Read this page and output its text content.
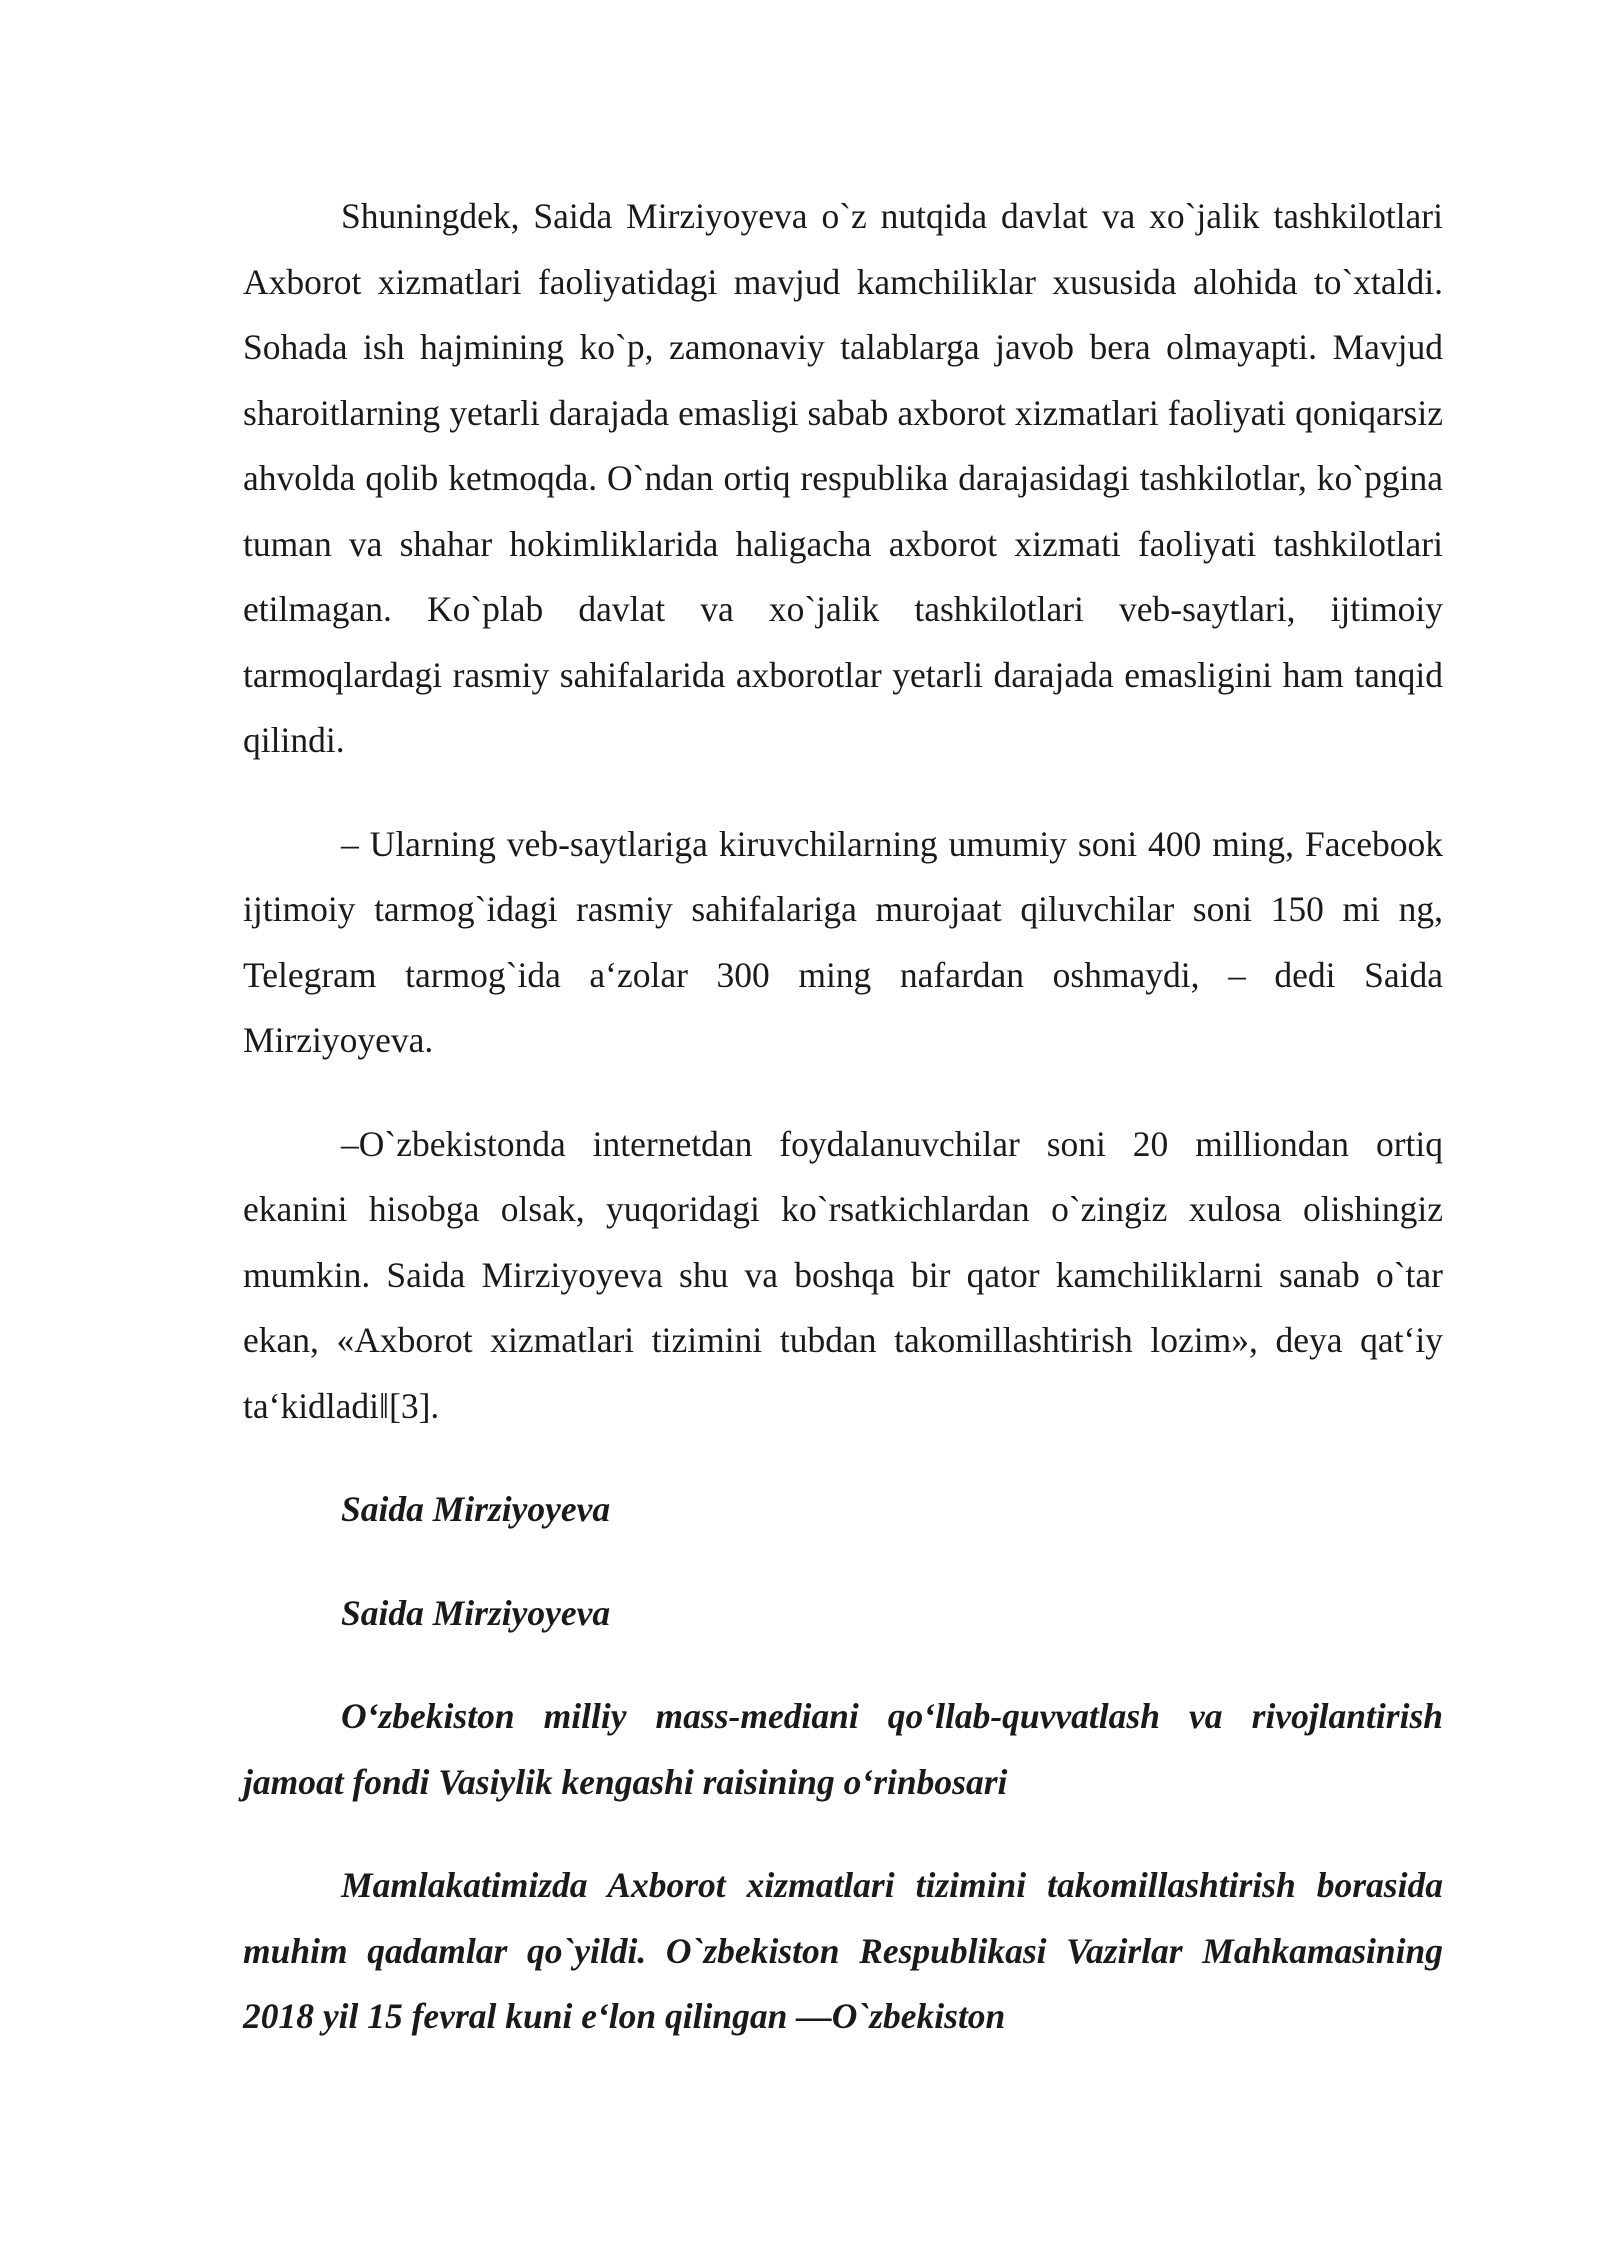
Shuningdek, Saida Mirziyoyeva o`z nutqida davlat va xo`jalik tashkilotlari Axborot xizmatlari faoliyatidagi mavjud kamchiliklar xususida alohida to`xtaldi. Sohada ish hajmining ko`p, zamonaviy talablarga javob bera olmayapti. Mavjud sharoitlarning yetarli darajada emasligi sabab axborot xizmatlari faoliyati qoniqarsiz ahvolda qolib ketmoqda. O`ndan ortiq respublika darajasidagi tashkilotlar, ko`pgina tuman va shahar hokimliklarida haligacha axborot xizmati faoliyati tashkilotlari etilmagan. Ko`plab davlat va xo`jalik tashkilotlari veb-saytlari, ijtimoiy tarmoqlardagi rasmiy sahifalarida axborotlar yetarli darajada emasligini ham tanqid qilindi.

– Ularning veb-saytlariga kiruvchilarning umumiy soni 400 ming, Facebook ijtimoiy tarmog`idagi rasmiy sahifalariga murojaat qiluvchilar soni 150 mi ng, Telegram tarmog`ida a‘zolar 300 ming nafardan oshmaydi, – dedi Saida Mirziyoyeva.

–O`zbekistonda internetdan foydalanuvchilar soni 20 milliondan ortiq ekanini hisobga olsak, yuqoridagi ko`rsatkichlardan o`zingiz xulosa olishingiz mumkin. Saida Mirziyoyeva shu va boshqa bir qator kamchiliklarni sanab o`tar ekan, «Axborot xizmatlari tizimini tubdan takomillashtirish lozim», deya qat‘iy ta‘kidladi‖[3].

Saida Mirziyoyeva

Saida Mirziyoyeva

O‘zbekiston milliy mass-mediani qo‘llab-quvvatlash va rivojlantirish jamoat fondi Vasiylik kengashi raisining o‘rinbosari

Mamlakatimizda Axborot xizmatlari tizimini takomillashtirish borasida muhim qadamlar qo`yildi. O`zbekiston Respublikasi Vazirlar Mahkamasining 2018 yil 15 fevral kuni e‘lon qilingan ―O`zbekiston
